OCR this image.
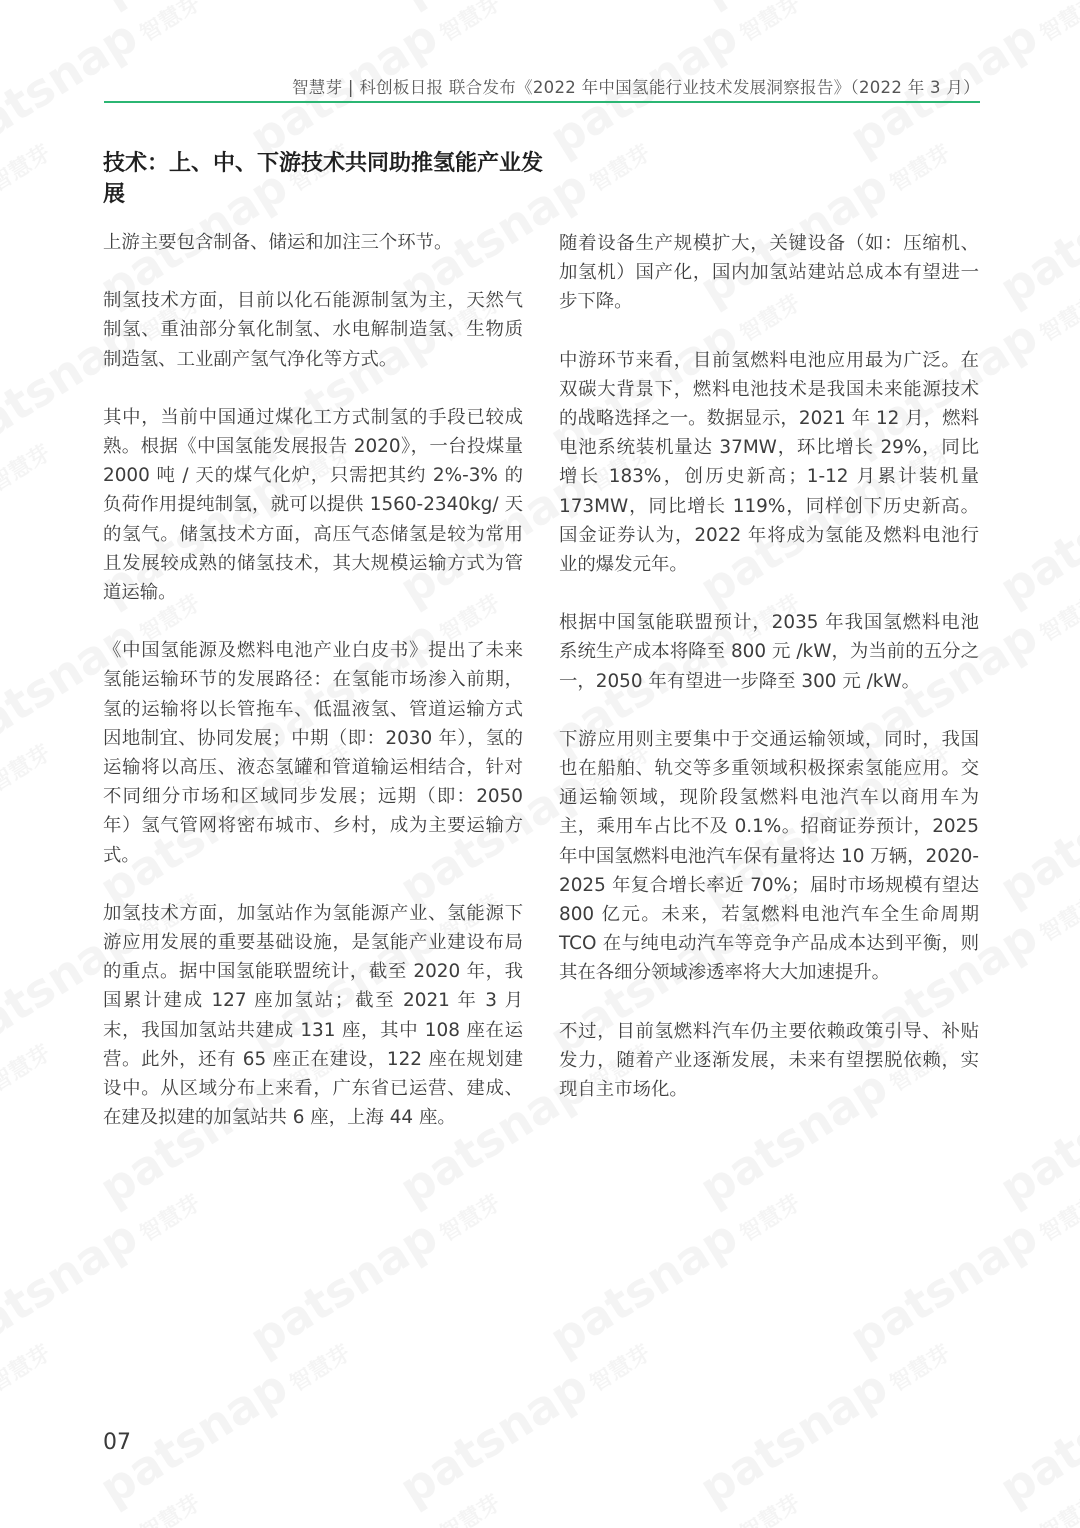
智慧芽 | 科创板日报 联合发布《2022 年中国氢能行业技术发展洞察报告》（2022 年 3 月）
技术：上、中、下游技术共同助推氢能产业发展

上游主要包含制备、储运和加注三个环节。

制氢技术方面，目前以化石能源制氢为主，天然气制氢、重油部分氧化制氢、水电解制造氢、生物质制造氢、工业副产氢气净化等方式。

其中，当前中国通过煤化工方式制氢的手段已较成熟。根据《中国氢能发展报告 2020》，一台投煤量 2000 吨 / 天的煤气化炉，只需把其约 2%-3% 的负荷作用提纯制氢，就可以提供 1560-2340kg/ 天的氢气。储氢技术方面，高压气态储氢是较为常用且发展较成熟的储氢技术，其大规模运输方式为管道运输。

《中国氢能源及燃料电池产业白皮书》提出了未来氢能运输环节的发展路径：在氢能市场渗入前期，氢的运输将以长管拖车、低温液氢、管道运输方式因地制宜、协同发展；中期（即：2030 年），氢的运输将以高压、液态氢罐和管道输运相结合，针对不同细分市场和区域同步发展；远期（即：2050 年）氢气管网将密布城市、乡村，成为主要运输方式。

加氢技术方面，加氢站作为氢能源产业、氢能源下游应用发展的重要基础设施，是氢能产业建设布局的重点。据中国氢能联盟统计，截至 2020 年，我国累计建成 127 座加氢站；截至 2021 年 3 月末，我国加氢站共建成 131 座，其中 108 座在运营。此外，还有 65 座正在建设，122 座在规划建设中。从区域分布上来看，广东省已运营、建成、在建及拟建的加氢站共 6 座，上海 44 座。

随着设备生产规模扩大，关键设备（如：压缩机、加氢机）国产化，国内加氢站建站总成本有望进一步下降。

中游环节来看，目前氢燃料电池应用最为广泛。在双碳大背景下，燃料电池技术是我国未来能源技术的战略选择之一。数据显示，2021 年 12 月，燃料电池系统装机量达 37MW，环比增长 29%，同比增长 183%，创历史新高；1-12 月累计装机量 173MW，同比增长 119%，同样创下历史新高。国金证券认为，2022 年将成为氢能及燃料电池行业的爆发元年。

根据中国氢能联盟预计，2035 年我国氢燃料电池系统生产成本将降至 800 元 /kW，为当前的五分之一，2050 年有望进一步降至 300 元 /kW。

下游应用则主要集中于交通运输领域，同时，我国也在船舶、轨交等多重领域积极探索氢能应用。交通运输领域，现阶段氢燃料电池汽车以商用车为主，乘用车占比不及 0.1%。招商证券预计，2025 年中国氢燃料电池汽车保有量将达 10 万辆，2020-2025 年复合增长率近 70%；届时市场规模有望达 800 亿元。未来，若氢燃料电池汽车全生命周期 TCO 在与纯电动汽车等竞争产品成本达到平衡，则其在各细分领域渗透率将大大加速提升。

不过，目前氢燃料汽车仍主要依赖政策引导、补贴发力，随着产业逐渐发展，未来有望摆脱依赖，实现自主市场化。

07
